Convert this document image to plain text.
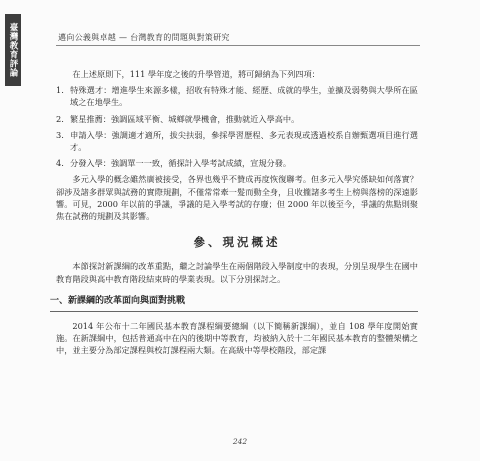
臺灣教育評論	邁向公義與卓越 — 台灣教育的問題與對策研究

在上述原則下，111 學年度之後的升學管道，將可歸納為下列四項：

1. 特殊選才：增進學生來源多樣，招收有特殊才能、經歷、成就的學生，並擴及弱勢與大學所在區域之在地學生。
2. 繁星推薦：強調區域平衡、城鄉就學機會，推動就近入學高中。
3. 申請入學：強調適才適所，拔尖扶弱，參採學習歷程、多元表現或透過校系自辦甄選項目進行選才。
4. 分發入學：強調單一一致，循探計入學考試成績，宣規分發。

多元入學的概念雖然廣被接受，各界也幾乎不贊成再度恢復聯考。但多元入學究係缺如何落實？卻涉及諸多群眾與試務的實際規劃，不僅常常牽一髮而動全身，且收攏諸多考生上榜與落榜的深遠影響。可見，2000 年以前的爭議，爭議的是入學考試的存廢；但 2000 年以後至今，爭議的焦點則聚焦在試務的規劃及其影響。

參、現況概述

本節探討新課綱的改革重點，繼之討論學生在兩個階段入學制度中的表現，分別呈現學生在國中教育階段與高中教育階段結束時的學業表現。以下分別探討之。

一、新課綱的改革面向與面對挑戰

2014 年公布十二年國民基本教育課程綱要總綱（以下簡稱新課綱），並自 108 學年度開始實施。在新課綱中，包括普通高中在內的後期中等教育，均被納入於十二年國民基本教育的整體架構之中，並主要分為部定課程與校訂課程兩大類。在高級中等學校階段，部定課

242
